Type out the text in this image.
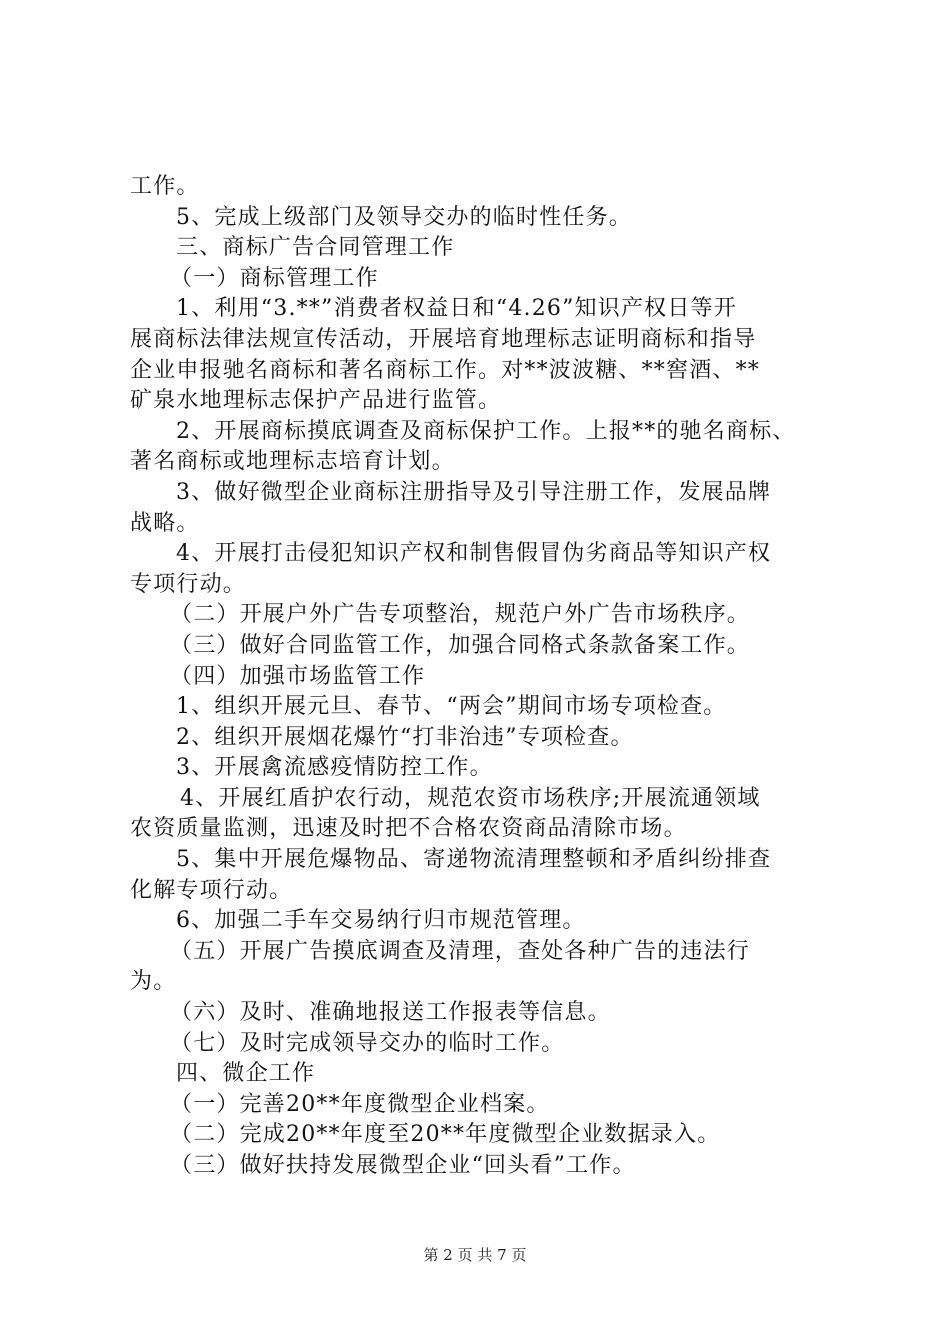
工作。
5、完成上级部门及领导交办的临时性任务。
三、商标广告合同管理工作
（一）商标管理工作
1、利用“3.**”消费者权益日和“4.26”知识产权日等开
展商标法律法规宣传活动，开展培育地理标志证明商标和指导
企业申报驰名商标和著名商标工作。对**波波糖、**窖酒、**
矿泉水地理标志保护产品进行监管。
2、开展商标摸底调查及商标保护工作。上报**的驰名商标、
著名商标或地理标志培育计划。
3、做好微型企业商标注册指导及引导注册工作，发展品牌
战略。
4、开展打击侵犯知识产权和制售假冒伪劣商品等知识产权
专项行动。
（二）开展户外广告专项整治，规范户外广告市场秩序。
（三）做好合同监管工作，加强合同格式条款备案工作。
（四）加强市场监管工作
1、组织开展元旦、春节、“两会”期间市场专项检查。
2、组织开展烟花爆竹“打非治违”专项检查。
3、开展禽流感疫情防控工作。
4、开展红盾护农行动，规范农资市场秩序;开展流通领域
农资质量监测，迅速及时把不合格农资商品清除市场。
5、集中开展危爆物品、寄递物流清理整顿和矛盾纠纷排查
化解专项行动。
6、加强二手车交易纳行归市规范管理。
（五）开展广告摸底调查及清理，查处各种广告的违法行
为。
（六）及时、准确地报送工作报表等信息。
（七）及时完成领导交办的临时工作。
四、微企工作
（一）完善20**年度微型企业档案。
（二）完成20**年度至20**年度微型企业数据录入。
（三）做好扶持发展微型企业“回头看”工作。
第 2 页 共 7 页
